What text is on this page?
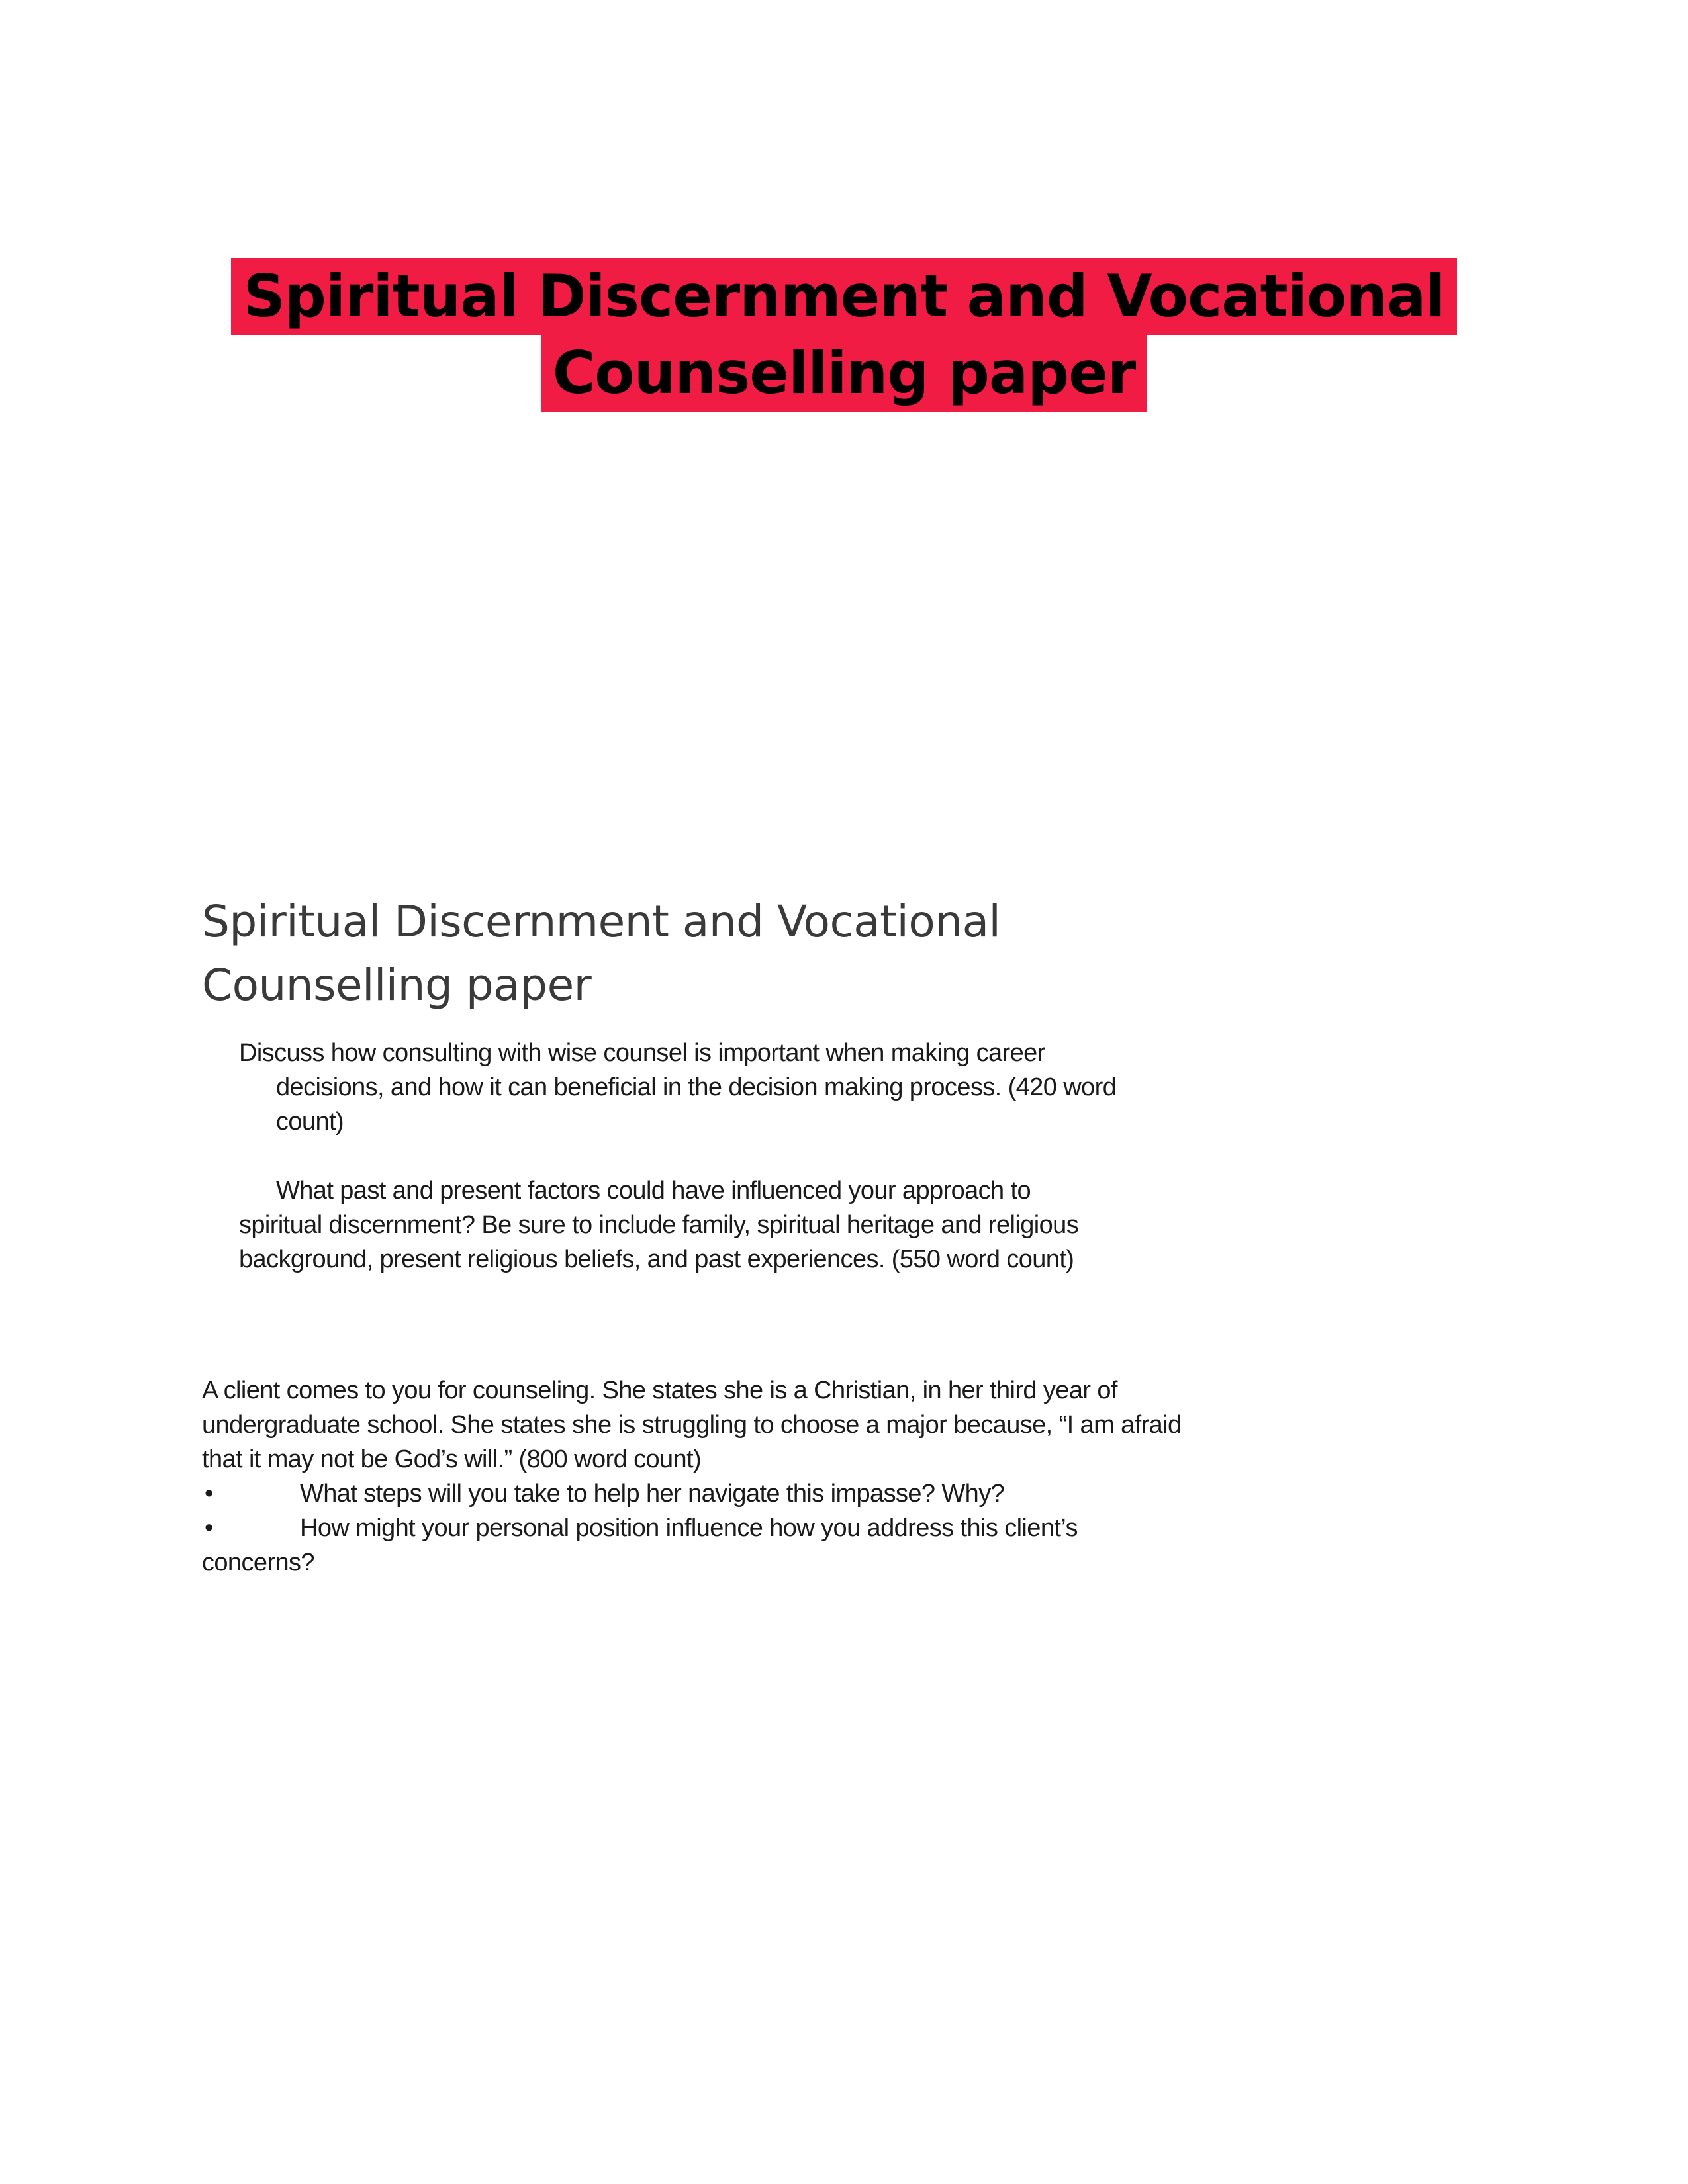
Spiritual Discernment and Vocational
Counselling paper
Spiritual Discernment and Vocational
Counselling paper

Discuss how consulting with wise counsel is important when making career decisions, and how it can beneficial in the decision making process. (420 word count)

What past and present factors could have influenced your approach to spiritual discernment? Be sure to include family, spiritual heritage and religious background, present religious beliefs, and past experiences. (550 word count)

A client comes to you for counseling. She states she is a Christian, in her third year of undergraduate school. She states she is struggling to choose a major because, “I am afraid that it may not be God’s will.” (800 word count)
•	What steps will you take to help her navigate this impasse? Why?
•	How might your personal position influence how you address this client’s concerns?
